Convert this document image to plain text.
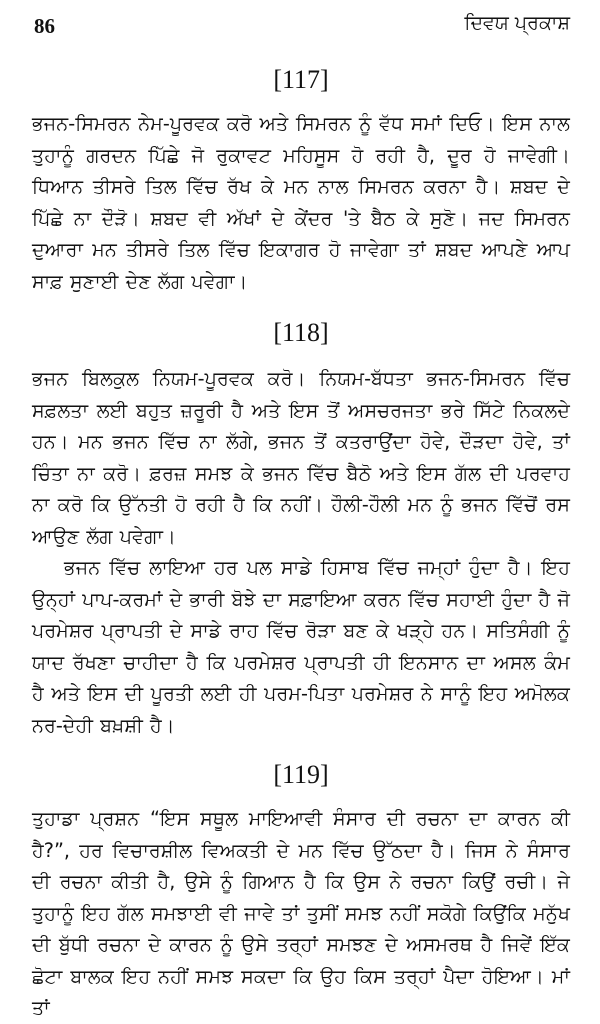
86	ਦਿਵਯ ਪ੍ਰਕਾਸ਼

[117]

ਭਜਨ-ਸਿਮਰਨ ਨੇਮ-ਪੂਰਵਕ ਕਰੋ ਅਤੇ ਸਿਮਰਨ ਨੂੰ ਵੱਧ ਸਮਾਂ ਦਿਓ। ਇਸ ਨਾਲ ਤੁਹਾਨੂੰ ਗਰਦਨ ਪਿੱਛੇ ਜੋ ਰੁਕਾਵਟ ਮਹਿਸੂਸ ਹੋ ਰਹੀ ਹੈ, ਦੂਰ ਹੋ ਜਾਵੇਗੀ। ਧਿਆਨ ਤੀਸਰੇ ਤਿਲ ਵਿੱਚ ਰੱਖ ਕੇ ਮਨ ਨਾਲ ਸਿਮਰਨ ਕਰਨਾ ਹੈ। ਸ਼ਬਦ ਦੇ ਪਿੱਛੇ ਨਾ ਦੌੜੋ। ਸ਼ਬਦ ਵੀ ਅੱਖਾਂ ਦੇ ਕੇਂਦਰ 'ਤੇ ਬੈਠ ਕੇ ਸੁਣੋ। ਜਦ ਸਿਮਰਨ ਦੁਆਰਾ ਮਨ ਤੀਸਰੇ ਤਿਲ ਵਿੱਚ ਇਕਾਗਰ ਹੋ ਜਾਵੇਗਾ ਤਾਂ ਸ਼ਬਦ ਆਪਣੇ ਆਪ ਸਾਫ਼ ਸੁਣਾਈ ਦੇਣ ਲੱਗ ਪਵੇਗਾ।

[118]

ਭਜਨ ਬਿਲਕੁਲ ਨਿਯਮ-ਪੂਰਵਕ ਕਰੋ। ਨਿਯਮ-ਬੱਧਤਾ ਭਜਨ-ਸਿਮਰਨ ਵਿੱਚ ਸਫ਼ਲਤਾ ਲਈ ਬਹੁਤ ਜ਼ਰੂਰੀ ਹੈ ਅਤੇ ਇਸ ਤੋਂ ਅਸਚਰਜਤਾ ਭਰੇ ਸਿੱਟੇ ਨਿਕਲਦੇ ਹਨ। ਮਨ ਭਜਨ ਵਿੱਚ ਨਾ ਲੱਗੇ, ਭਜਨ ਤੋਂ ਕਤਰਾਉਂਦਾ ਹੋਵੇ, ਦੌੜਦਾ ਹੋਵੇ, ਤਾਂ ਚਿੰਤਾ ਨਾ ਕਰੋ। ਫ਼ਰਜ਼ ਸਮਝ ਕੇ ਭਜਨ ਵਿੱਚ ਬੈਠੋ ਅਤੇ ਇਸ ਗੱਲ ਦੀ ਪਰਵਾਹ ਨਾ ਕਰੋ ਕਿ ਉੱਨਤੀ ਹੋ ਰਹੀ ਹੈ ਕਿ ਨਹੀਂ। ਹੌਲੀ-ਹੌਲੀ ਮਨ ਨੂੰ ਭਜਨ ਵਿੱਚੋਂ ਰਸ ਆਉਣ ਲੱਗ ਪਵੇਗਾ।

ਭਜਨ ਵਿੱਚ ਲਾਇਆ ਹਰ ਪਲ ਸਾਡੇ ਹਿਸਾਬ ਵਿੱਚ ਜਮ੍ਹਾਂ ਹੁੰਦਾ ਹੈ। ਇਹ ਉਨ੍ਹਾਂ ਪਾਪ-ਕਰਮਾਂ ਦੇ ਭਾਰੀ ਬੋਝੇ ਦਾ ਸਫ਼ਾਇਆ ਕਰਨ ਵਿੱਚ ਸਹਾਈ ਹੁੰਦਾ ਹੈ ਜੋ ਪਰਮੇਸ਼ਰ ਪ੍ਰਾਪਤੀ ਦੇ ਸਾਡੇ ਰਾਹ ਵਿੱਚ ਰੋੜਾ ਬਣ ਕੇ ਖੜ੍ਹੇ ਹਨ। ਸਤਿਸੰਗੀ ਨੂੰ ਯਾਦ ਰੱਖਣਾ ਚਾਹੀਦਾ ਹੈ ਕਿ ਪਰਮੇਸ਼ਰ ਪ੍ਰਾਪਤੀ ਹੀ ਇਨਸਾਨ ਦਾ ਅਸਲ ਕੰਮ ਹੈ ਅਤੇ ਇਸ ਦੀ ਪੂਰਤੀ ਲਈ ਹੀ ਪਰਮ-ਪਿਤਾ ਪਰਮੇਸ਼ਰ ਨੇ ਸਾਨੂੰ ਇਹ ਅਮੋਲਕ ਨਰ-ਦੇਹੀ ਬਖ਼ਸ਼ੀ ਹੈ।

[119]

ਤੁਹਾਡਾ ਪ੍ਰਸ਼ਨ “ਇਸ ਸਥੂਲ ਮਾਇਆਵੀ ਸੰਸਾਰ ਦੀ ਰਚਨਾ ਦਾ ਕਾਰਨ ਕੀ ਹੈ?”, ਹਰ ਵਿਚਾਰਸ਼ੀਲ ਵਿਅਕਤੀ ਦੇ ਮਨ ਵਿੱਚ ਉੱਠਦਾ ਹੈ। ਜਿਸ ਨੇ ਸੰਸਾਰ ਦੀ ਰਚਨਾ ਕੀਤੀ ਹੈ, ਉਸੇ ਨੂੰ ਗਿਆਨ ਹੈ ਕਿ ਉਸ ਨੇ ਰਚਨਾ ਕਿਉਂ ਰਚੀ। ਜੇ ਤੁਹਾਨੂੰ ਇਹ ਗੱਲ ਸਮਝਾਈ ਵੀ ਜਾਵੇ ਤਾਂ ਤੁਸੀਂ ਸਮਝ ਨਹੀਂ ਸਕੋਗੇ ਕਿਉਂਕਿ ਮਨੁੱਖ ਦੀ ਬੁੱਧੀ ਰਚਨਾ ਦੇ ਕਾਰਨ ਨੂੰ ਉਸੇ ਤਰ੍ਹਾਂ ਸਮਝਣ ਦੇ ਅਸਮਰਥ ਹੈ ਜਿਵੇਂ ਇੱਕ ਛੋਟਾ ਬਾਲਕ ਇਹ ਨਹੀਂ ਸਮਝ ਸਕਦਾ ਕਿ ਉਹ ਕਿਸ ਤਰ੍ਹਾਂ ਪੈਦਾ ਹੋਇਆ। ਮਾਂ ਤਾਂ
